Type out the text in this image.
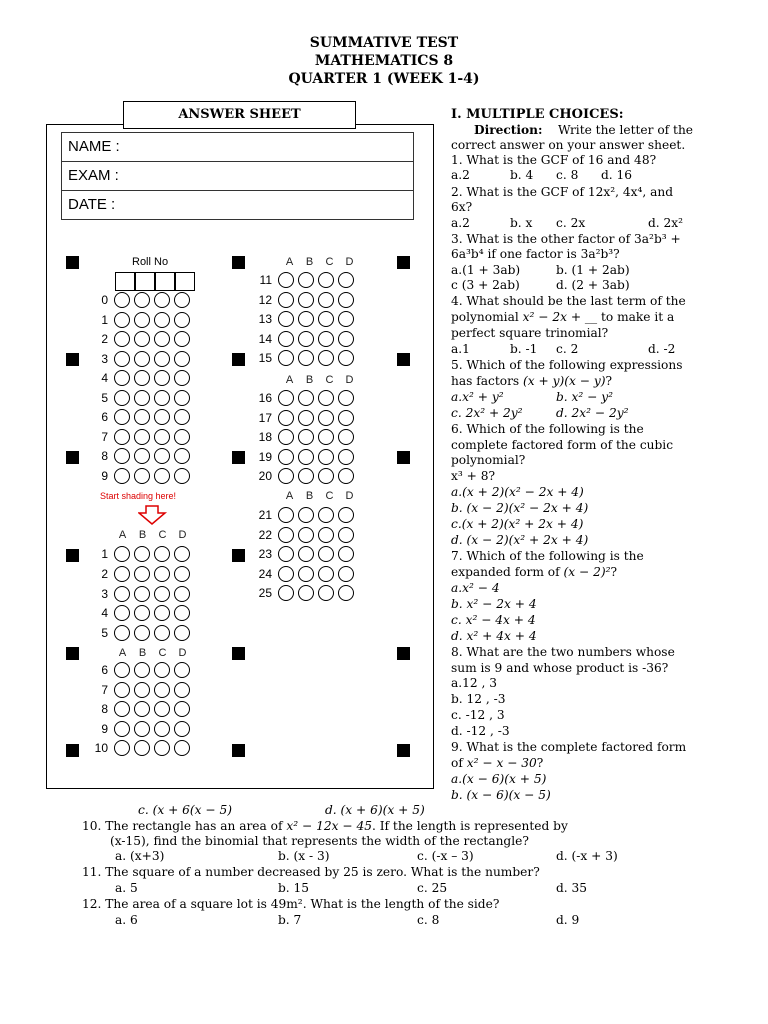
SUMMATIVE TEST
MATHEMATICS 8
QUARTER 1 (WEEK 1-4)
ANSWER SHEET
NAME :
EXAM :
DATE :
0
1
2
3
4
5
6
7
8
9
A	B	C	D
1
2
3
4
5
A	B	C	D
6
7
8
9
10
A	B	C	D
11
12
13
14
15
A	B	C	D
16
17
18
19
20
A	B	C	D
21
22
23
24
25
Roll No
Start shading here!
I. MULTIPLE CHOICES:
Direction: Write the letter of the
correct answer on your answer sheet.
1. What is the GCF of 16 and 48?
a.2	b. 4 c. 8 d. 16
2. What is the GCF of 12x², 4x⁴, and
6x?
a.2	b. x c. 2x	d. 2x²
3. What is the other factor of 3a²b³ +
6a³b⁴ if one factor is 3a²b³?
a.(1 + 3ab)	b. (1 + 2ab)
c (3 + 2ab)	d. (2 + 3ab)
4. What should be the last term of the
polynomial x² − 2x + __ to make it a
perfect square trinomial?
a.1	b. -1 c. 2	d. -2
5. Which of the following expressions
has factors (x + y)(x − y)?
a.x² + y²	b. x² − y²
c. 2x² + 2y²	d. 2x² − 2y²
6. Which of the following is the
complete factored form of the cubic
polynomial?
x³ + 8?
a.(x + 2)(x² − 2x + 4)
b. (x − 2)(x² − 2x + 4)
c.(x + 2)(x² + 2x + 4)
d. (x − 2)(x² + 2x + 4)
7. Which of the following is the
expanded form of (x − 2)²?
a.x² − 4
b. x² − 2x + 4
c. x² − 4x + 4
d. x² + 4x + 4
8. What are the two numbers whose
sum is 9 and whose product is -36?
a.12 , 3
b. 12 , -3
c. -12 , 3
d. -12 , -3
9. What is the complete factored form
of x² − x − 30?
a.(x − 6)(x + 5)
b. (x − 6)(x − 5)
c. (x + 6(x − 5)	d. (x + 6)(x + 5)
10. The rectangle has an area of x² − 12x − 45. If the length is represented by
(x-15), find the binomial that represents the width of the rectangle?
a. (x+3)	b. (x - 3)	c. (-x – 3)	d. (-x + 3)
11. The square of a number decreased by 25 is zero. What is the number?
a. 5	b. 15	c. 25	d. 35
12. The area of a square lot is 49m². What is the length of the side?
a. 6	b. 7	c. 8	d. 9
